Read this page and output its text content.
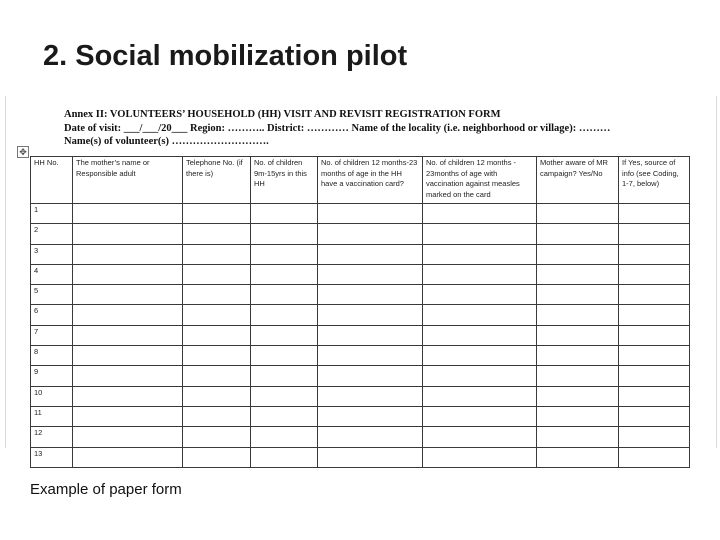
2. Social mobilization pilot
✥
Annex II: VOLUNTEERS’ HOUSEHOLD (HH) VISIT AND REVISIT REGISTRATION FORM
Date of visit: ___/___/20___ Region: ……….. District: ………… Name of the locality (i.e. neighborhood or village): ………
Name(s) of volunteer(s) ……………………….
HH No.	The mother’s name or Responsible adult	Telephone No. (if there is)	No. of children 9m-15yrs in this HH	No. of children 12 months-23 months of age in the HH have a vaccination card?	No. of children 12 months - 23months of age with vaccination against measles marked on the card	Mother aware of MR campaign? Yes/No	If Yes, source of info (see Coding, 1-7, below)
1							
2							
3							
4							
5							
6							
7							
8							
9							
10							
11							
12							
13							
Example of paper form
